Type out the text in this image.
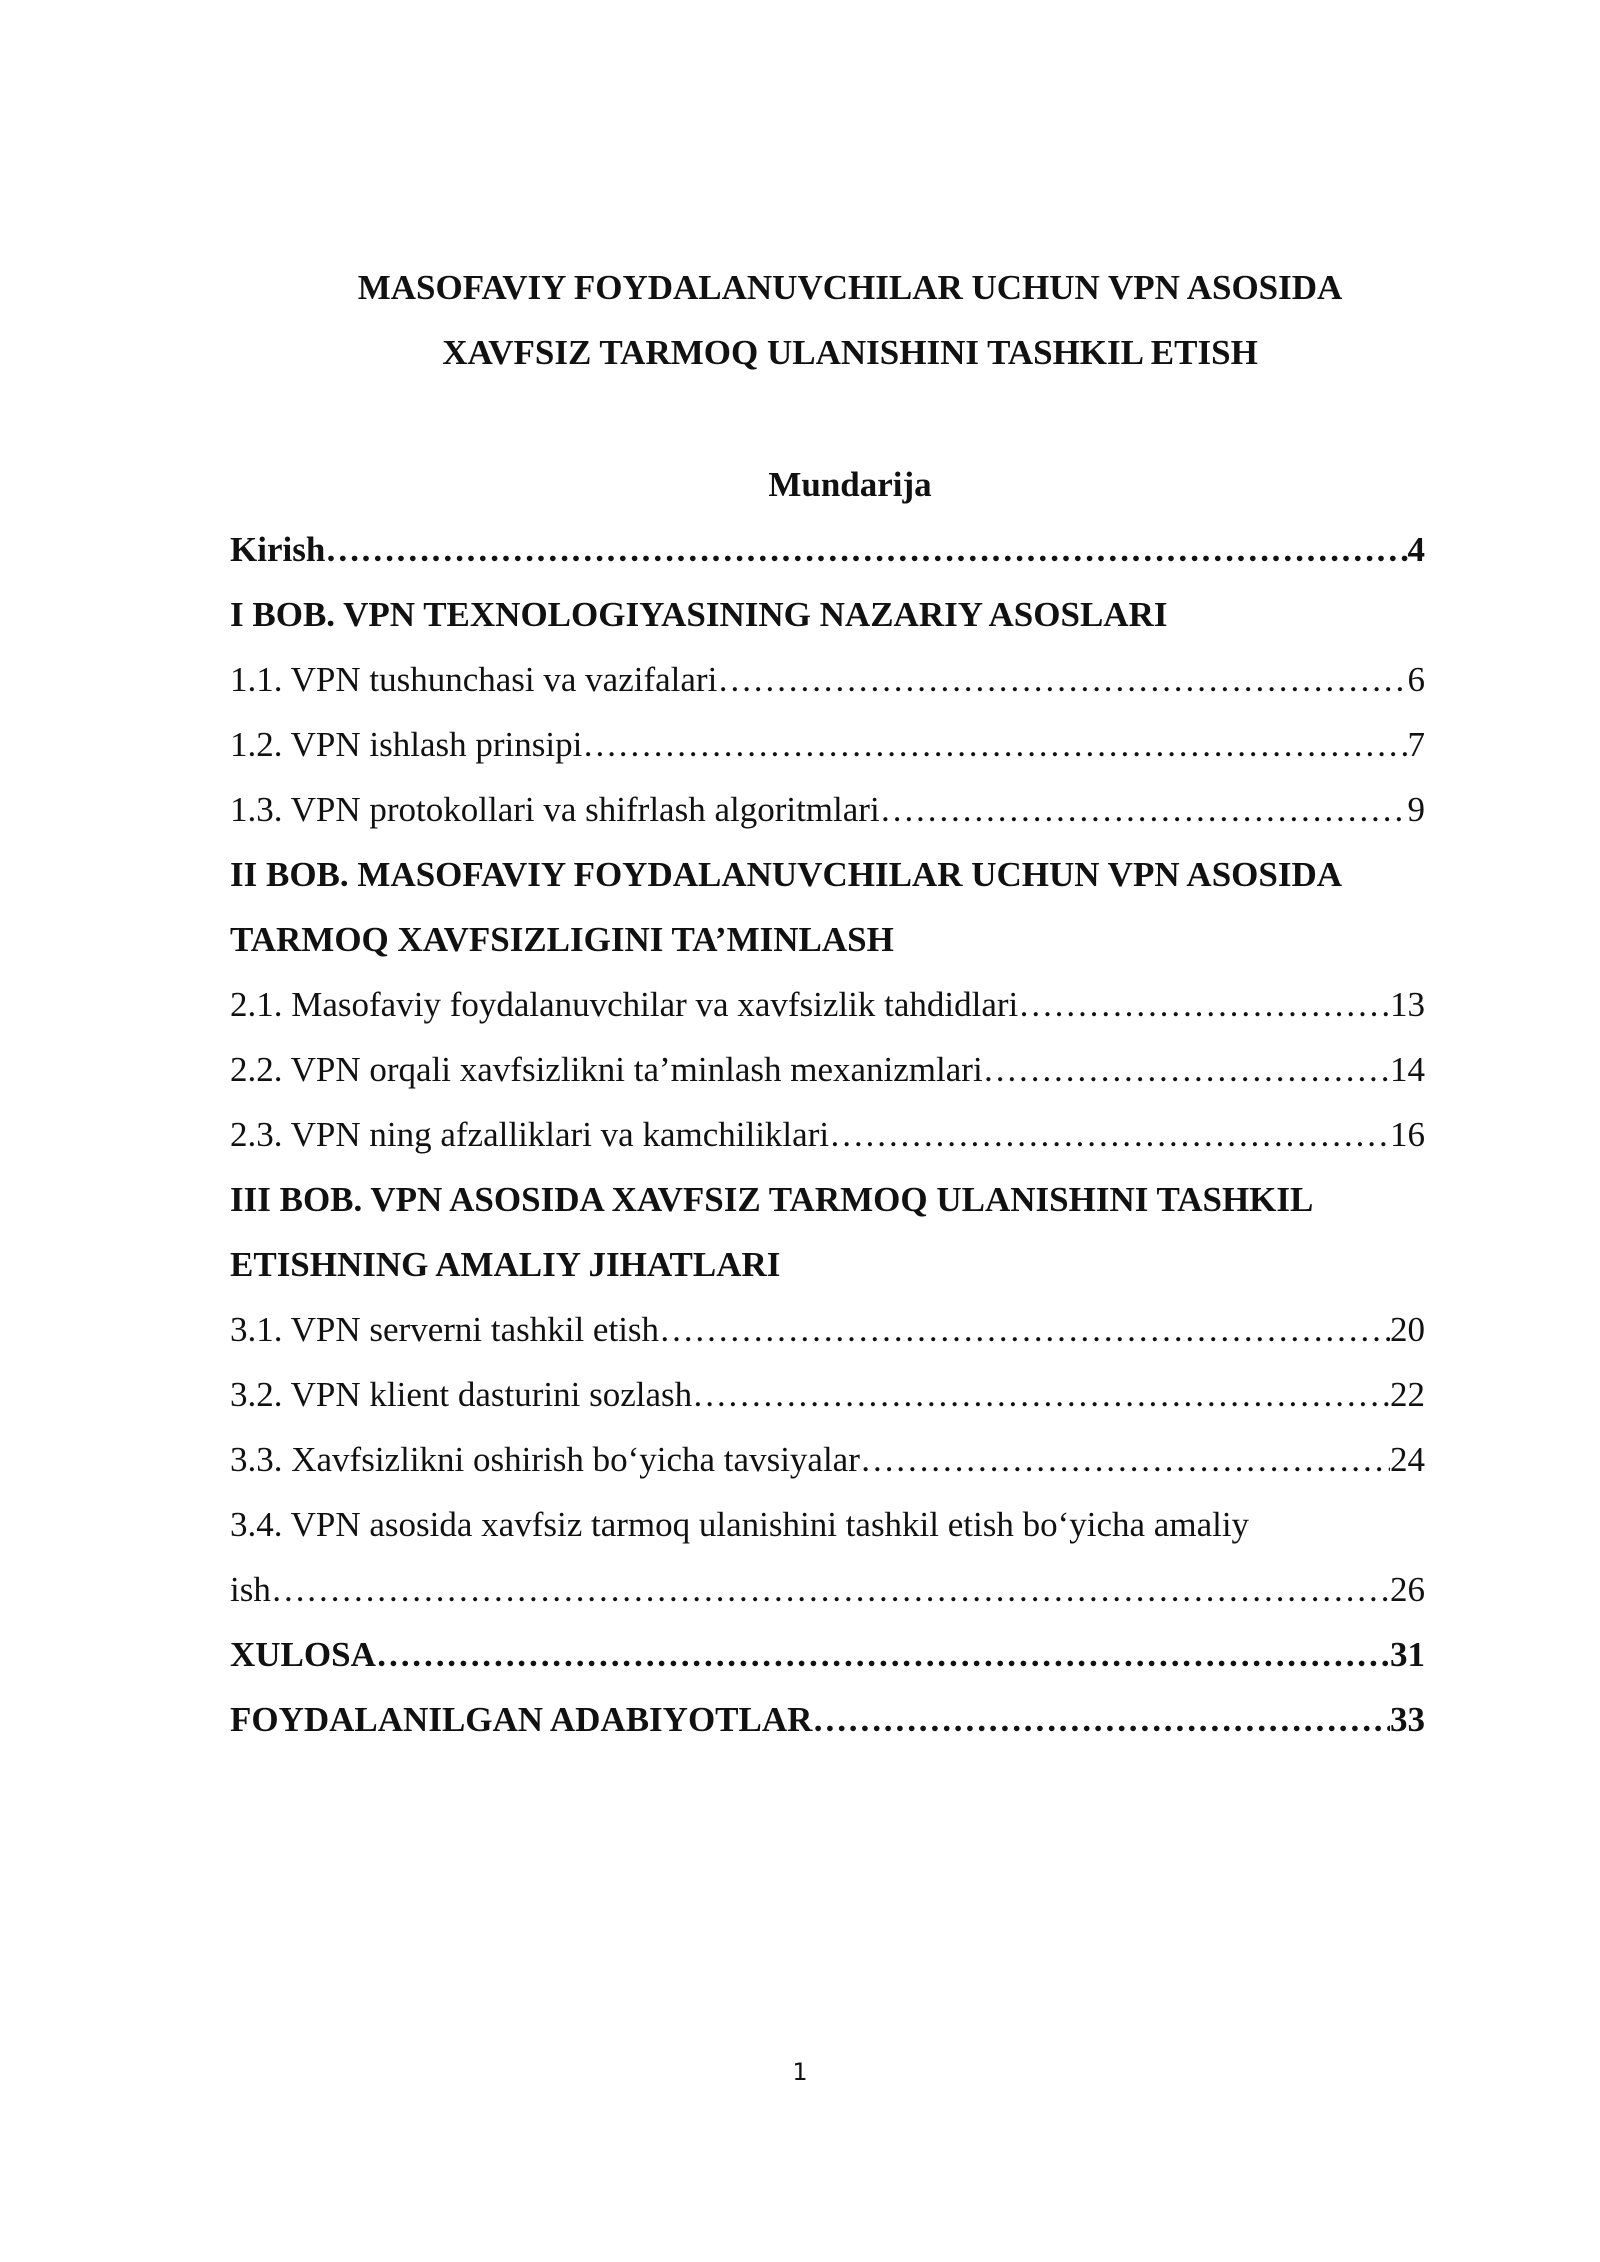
MASOFAVIY FOYDALANUVCHILAR UCHUN VPN ASOSIDA
XAVFSIZ TARMOQ ULANISHINI TASHKIL ETISH
Mundarija
Kirish …………………………………………………………………………………………………………………………………………………………………………………………	4
I BOB. VPN TEXNOLOGIYASINING NAZARIY ASOSLARI
1.1. VPN tushunchasi va vazifalari …………………………………………………………………………………………………………………………………………………………………………………………	6
1.2. VPN ishlash prinsipi …………………………………………………………………………………………………………………………………………………………………………………………	7
1.3. VPN protokollari va shifrlash algoritmlari …………………………………………………………………………………………………………………………………………………………………………………………	9
II BOB. MASOFAVIY FOYDALANUVCHILAR UCHUN VPN ASOSIDA
TARMOQ XAVFSIZLIGINI TA’MINLASH
2.1. Masofaviy foydalanuvchilar va xavfsizlik tahdidlari …………………………………………………………………………………………………………………………………………………………………………………………	13
2.2. VPN orqali xavfsizlikni ta’minlash mexanizmlari …………………………………………………………………………………………………………………………………………………………………………………………	14
2.3. VPN ning afzalliklari va kamchiliklari …………………………………………………………………………………………………………………………………………………………………………………………	16
III BOB. VPN ASOSIDA XAVFSIZ TARMOQ ULANISHINI TASHKIL
ETISHNING AMALIY JIHATLARI
3.1. VPN serverni tashkil etish …………………………………………………………………………………………………………………………………………………………………………………………	20
3.2. VPN klient dasturini sozlash …………………………………………………………………………………………………………………………………………………………………………………………	22
3.3. Xavfsizlikni oshirish bo‘yicha tavsiyalar …………………………………………………………………………………………………………………………………………………………………………………………	24
3.4. VPN asosida xavfsiz tarmoq ulanishini tashkil etish bo‘yicha amaliy
ish …………………………………………………………………………………………………………………………………………………………………………………………	26
XULOSA …………………………………………………………………………………………………………………………………………………………………………………………	31
FOYDALANILGAN ADABIYOTLAR …………………………………………………………………………………………………………………………………………………………………………………………	33

1
